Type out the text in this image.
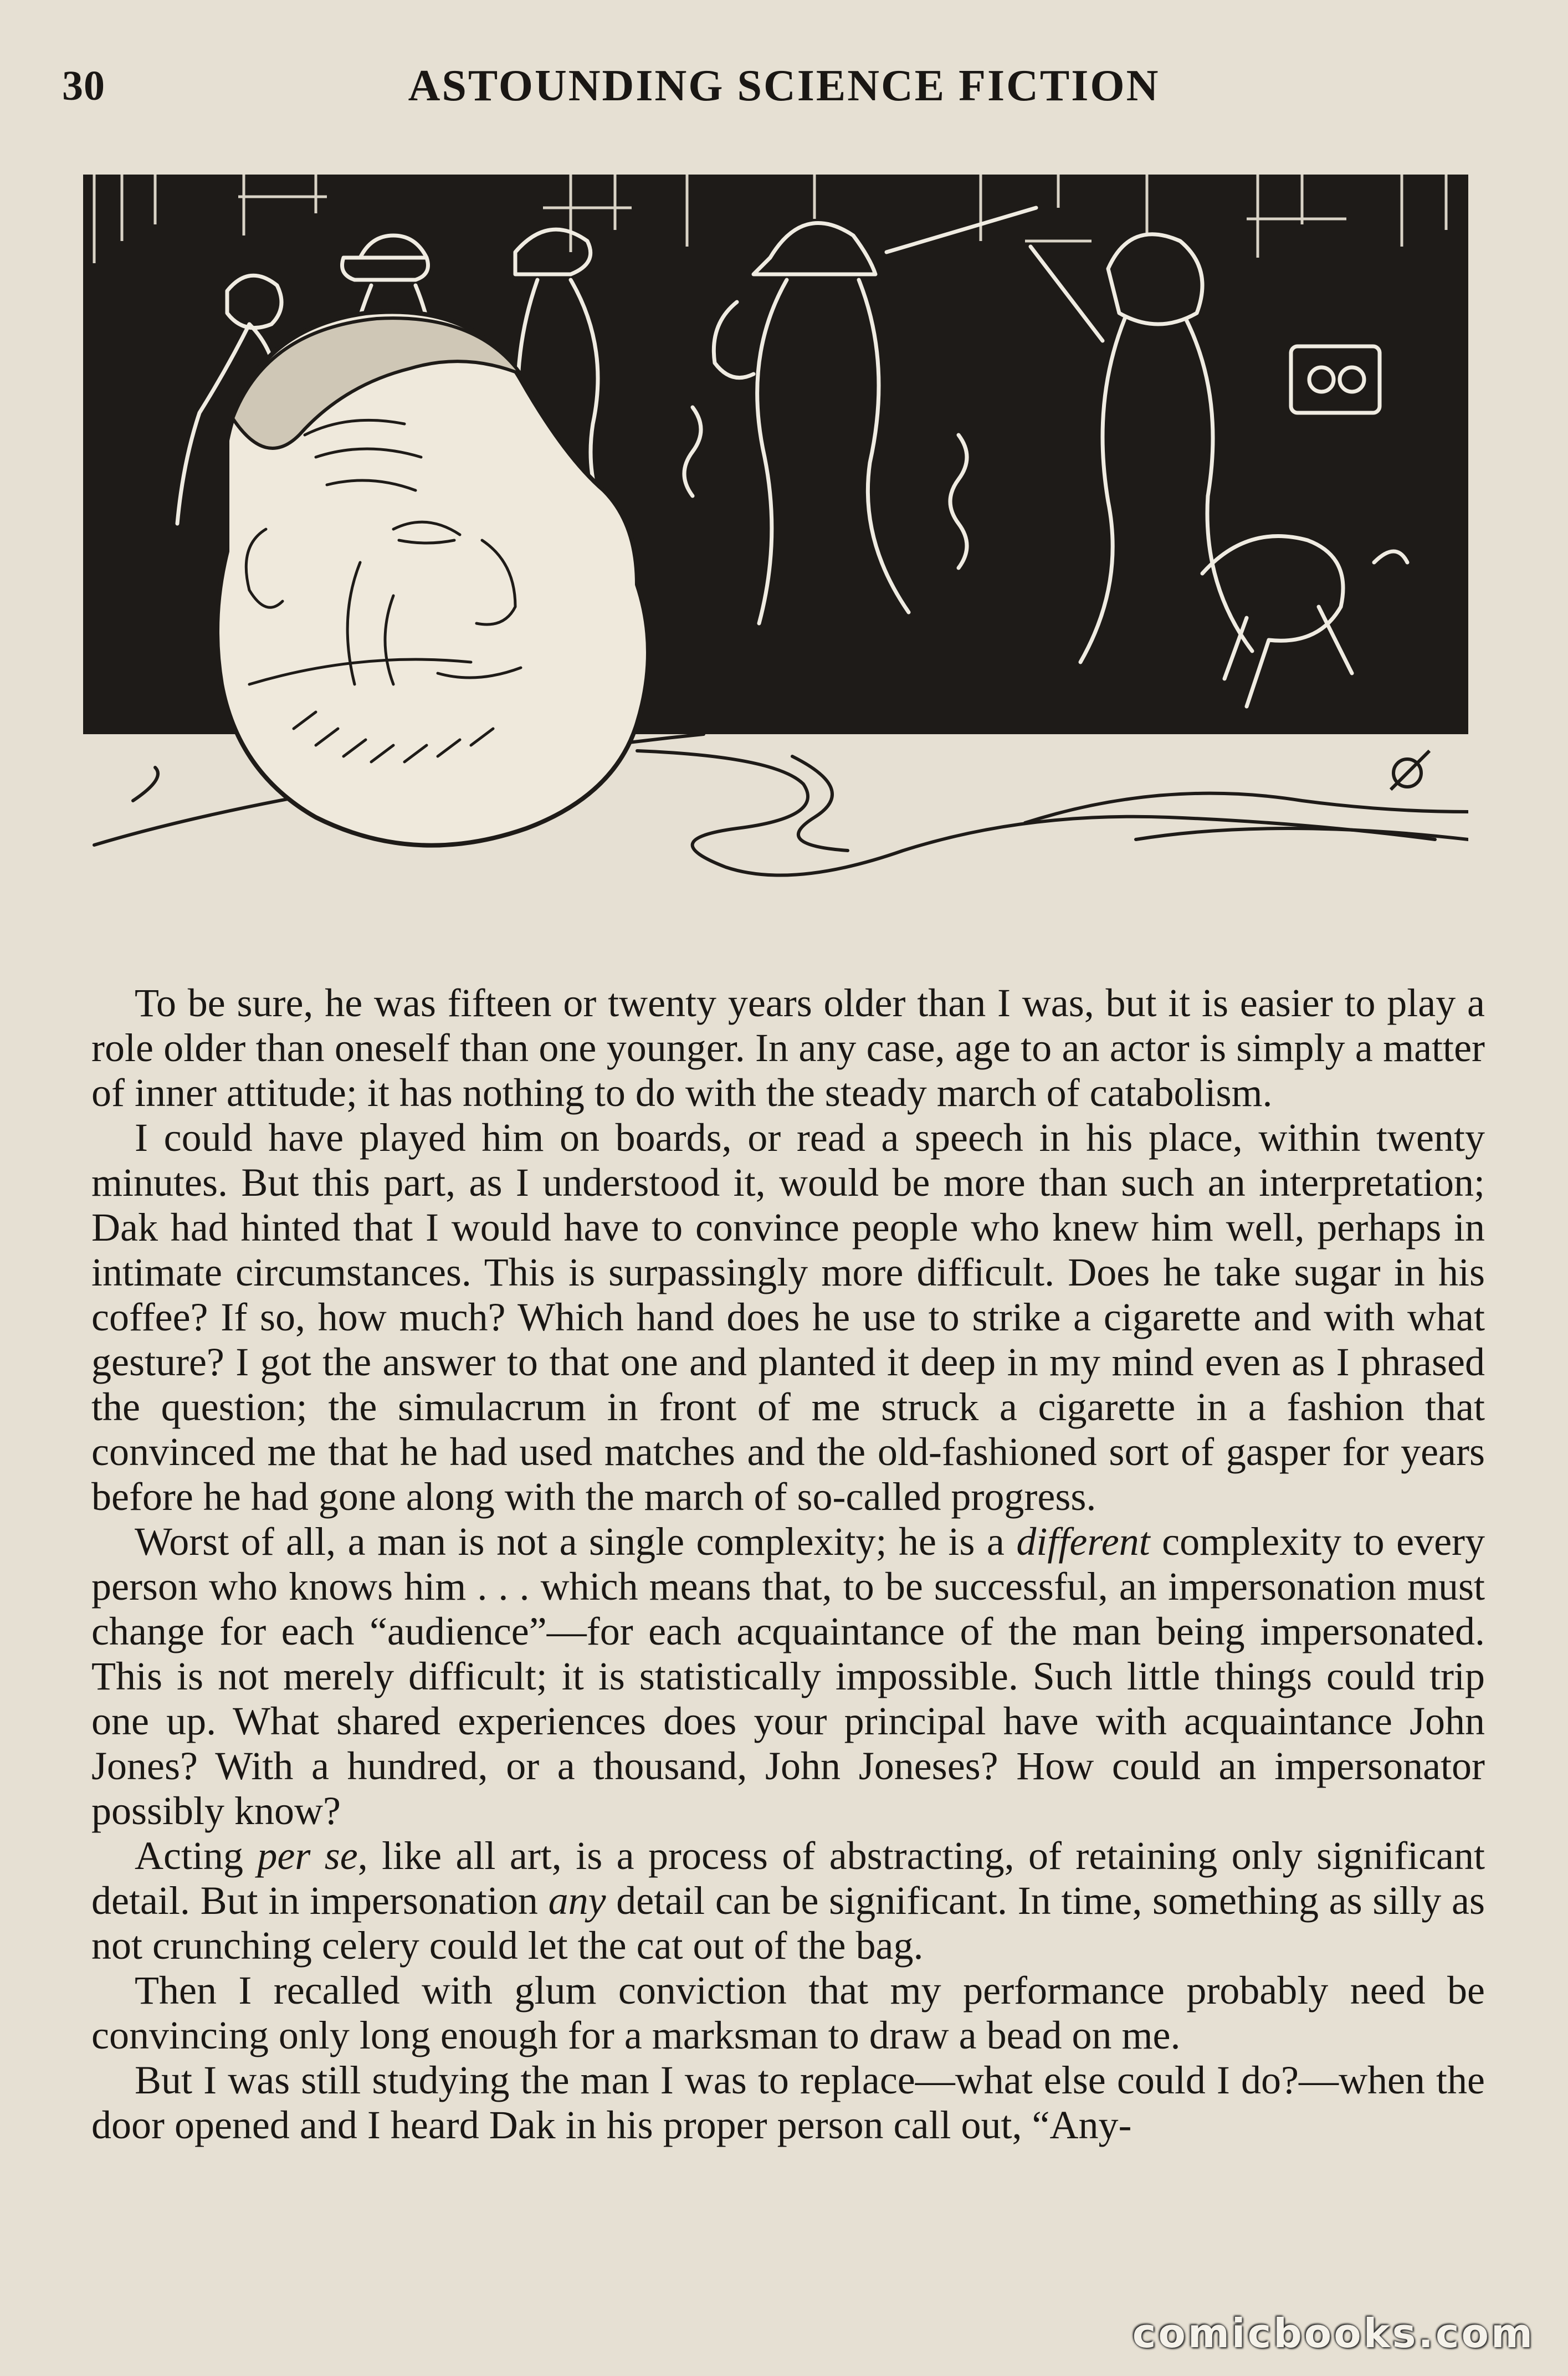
30	ASTOUNDING SCIENCE FICTION

To be sure, he was fifteen or twenty years older than I was, but it is easier to play a role older than oneself than one younger. In any case, age to an actor is simply a matter of inner attitude; it has nothing to do with the steady march of catabolism.

I could have played him on boards, or read a speech in his place, within twenty minutes. But this part, as I understood it, would be more than such an interpretation; Dak had hinted that I would have to convince people who knew him well, perhaps in intimate circumstances. This is surpassingly more difficult. Does he take sugar in his coffee? If so, how much? Which hand does he use to strike a cigarette and with what gesture? I got the answer to that one and planted it deep in my mind even as I phrased the question; the simulacrum in front of me struck a cigarette in a fashion that convinced me that he had used matches and the old-fashioned sort of gasper for years before he had gone along with the march of so-called progress.

Worst of all, a man is not a single complexity; he is a different complexity to every person who knows him . . . which means that, to be successful, an impersonation must change for each “audience”—for each acquaintance of the man being impersonated. This is not merely difficult; it is statistically impossible. Such little things could trip one up. What shared experiences does your principal have with acquaintance John Jones? With a hundred, or a thousand, John Joneses? How could an impersonator possibly know?

Acting per se, like all art, is a process of abstracting, of retaining only significant detail. But in impersonation any detail can be significant. In time, something as silly as not crunching celery could let the cat out of the bag.

Then I recalled with glum conviction that my performance probably need be convincing only long enough for a marksman to draw a bead on me.

But I was still studying the man I was to replace—what else could I do?—when the door opened and I heard Dak in his proper person call out, “Any-

comicbooks.com
